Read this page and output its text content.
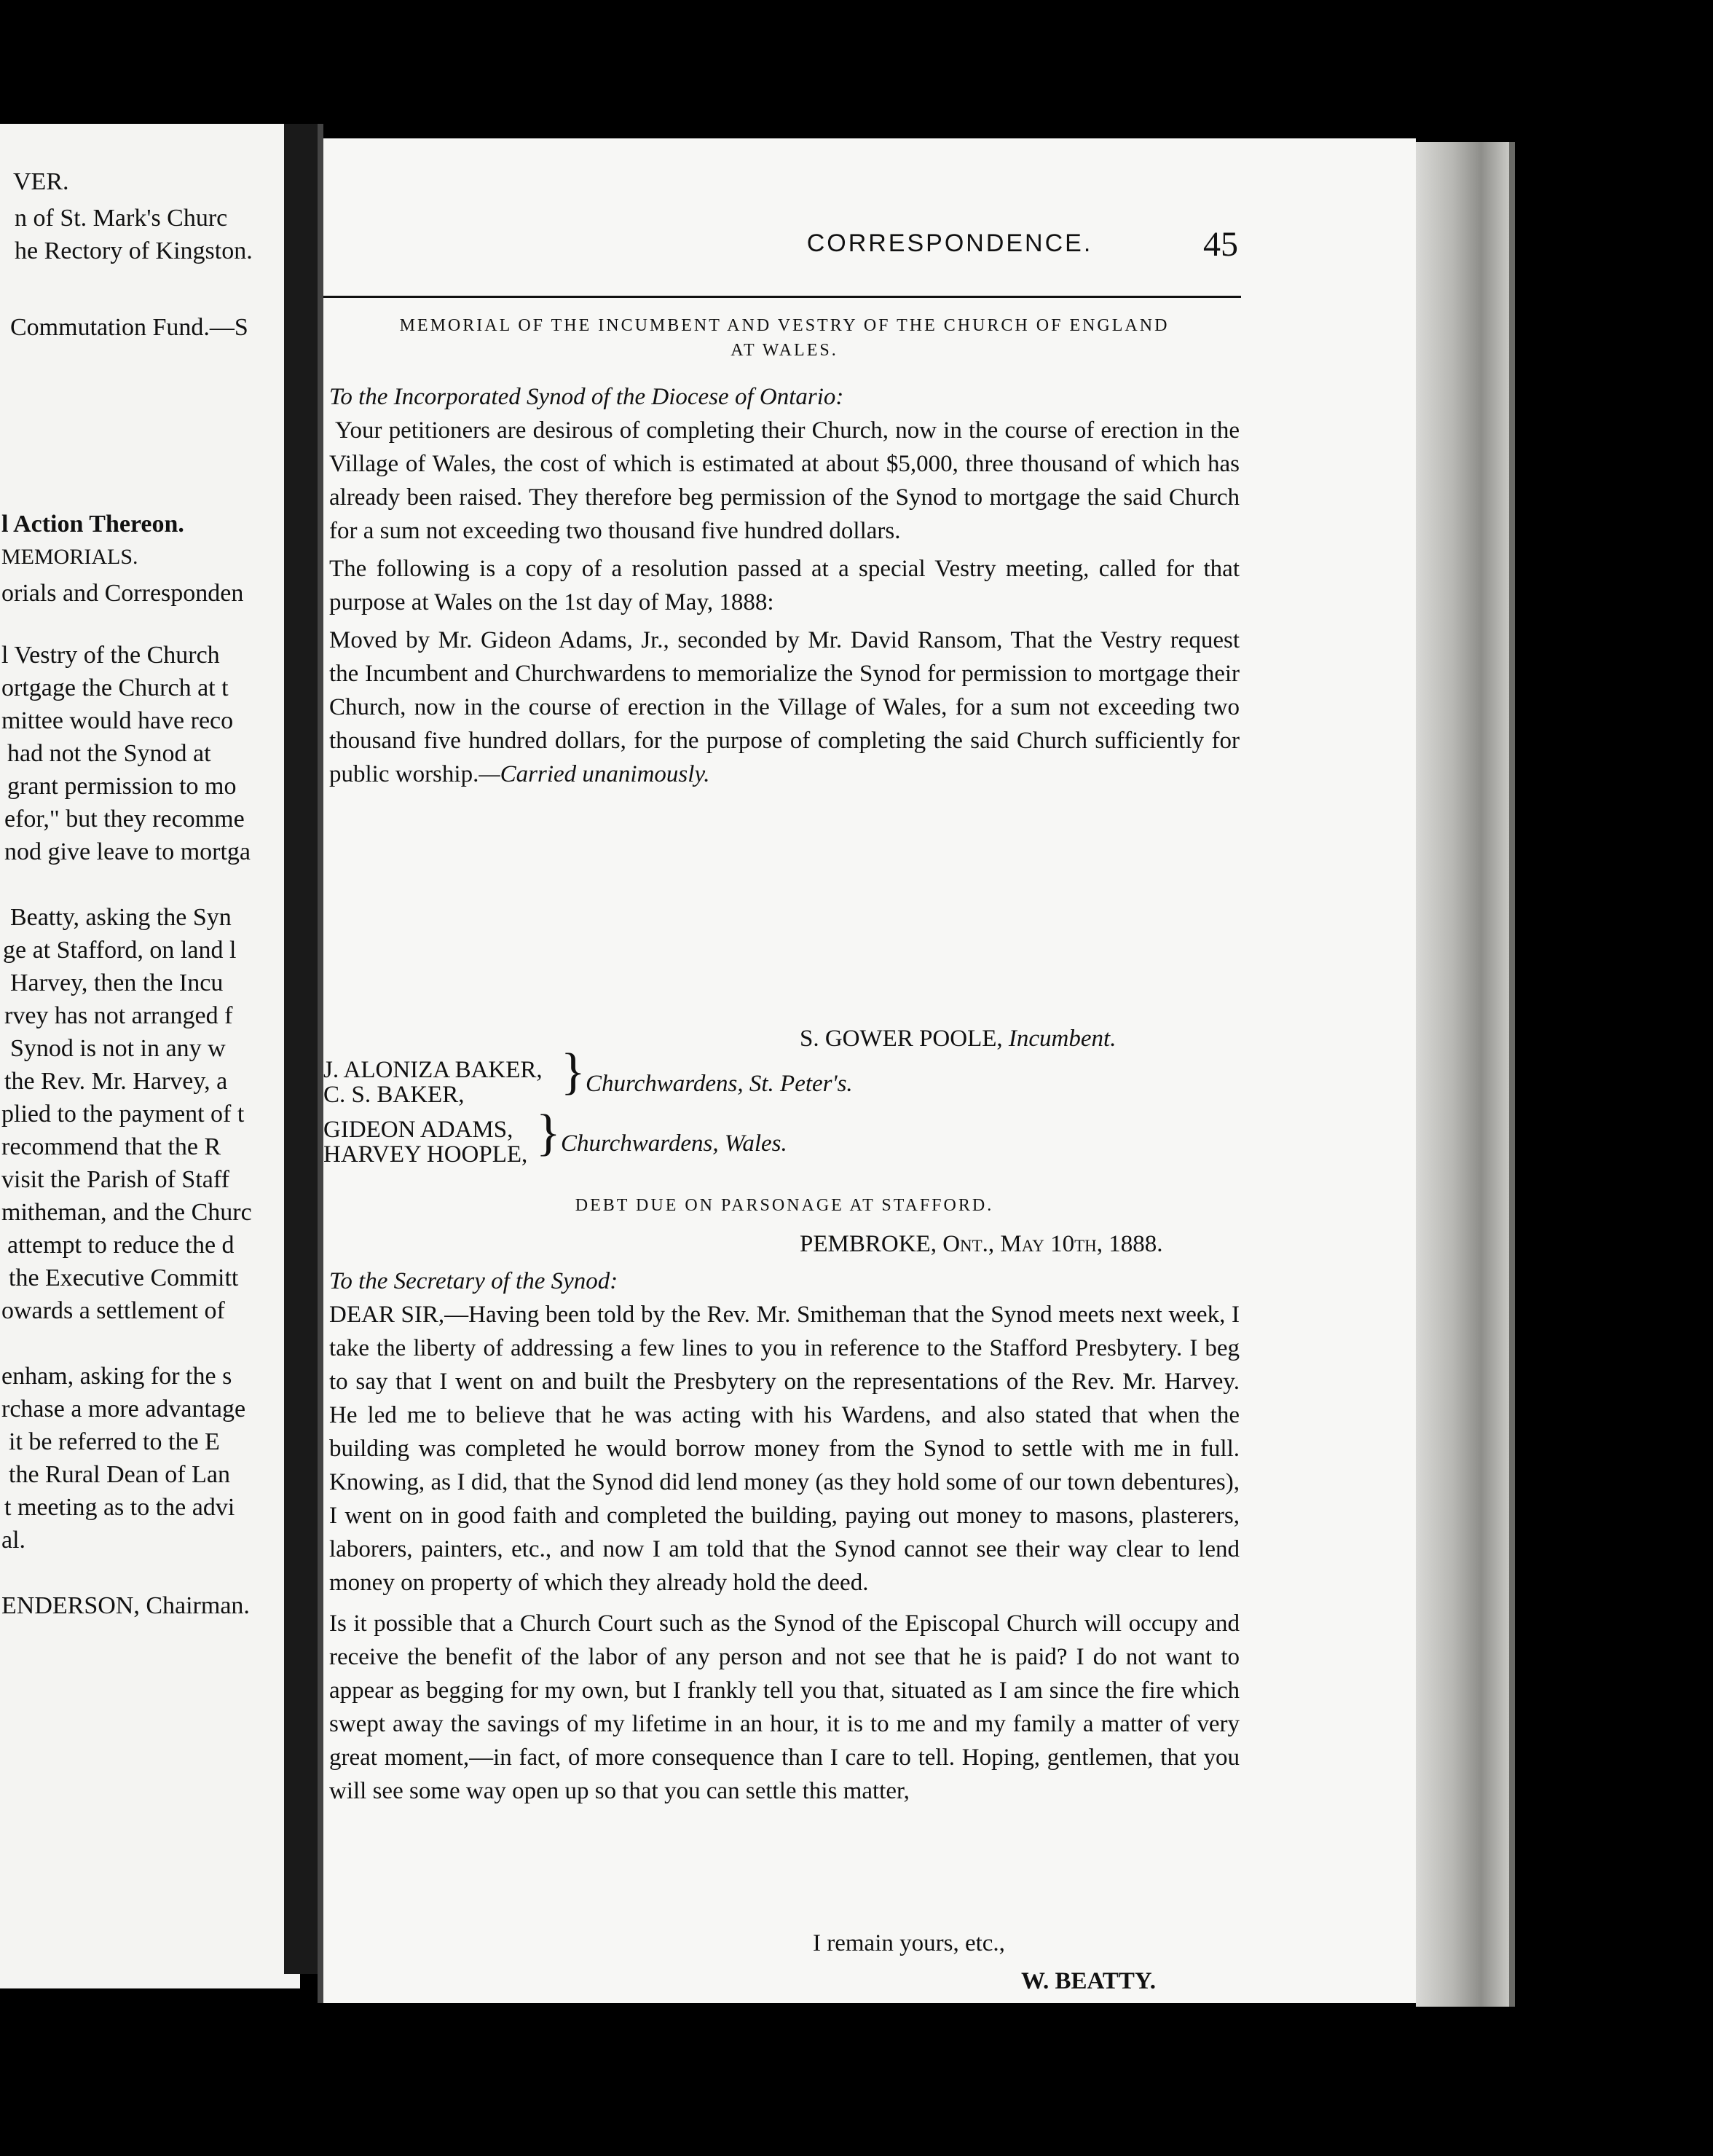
VER.
n of St. Mark's Churc
he Rectory of Kingston.
Commutation Fund.—S
l Action Thereon.
MEMORIALS.
orials and Corresponden
l Vestry of the Church
ortgage the Church at t
mittee would have reco
had not the Synod at
grant permission to mo
efor," but they recomme
nod give leave to mortga
Beatty, asking the Syn
ge at Stafford, on land l
Harvey, then the Incu
rvey has not arranged f
Synod is not in any w
the Rev. Mr. Harvey, a
plied to the payment of t
recommend that the R
visit the Parish of Staff
mitheman, and the Churc
attempt to reduce the d
the Executive Committ
owards a settlement of
enham, asking for the s
rchase a more advantage
it be referred to the E
the Rural Dean of Lan
t meeting as to the advi
al.
ENDERSON, Chairman.
CORRESPONDENCE.	45
MEMORIAL OF THE INCUMBENT AND VESTRY OF THE CHURCH OF ENGLAND
AT WALES.

To the Incorporated Synod of the Diocese of Ontario:

Your petitioners are desirous of completing their Church, now in the course of erection in the Village of Wales, the cost of which is estimated at about $5,000, three thousand of which has already been raised. They therefore beg permission of the Synod to mortgage the said Church for a sum not exceeding two thousand five hundred dollars.

The following is a copy of a resolution passed at a special Vestry meeting, called for that purpose at Wales on the 1st day of May, 1888:

Moved by Mr. Gideon Adams, Jr., seconded by Mr. David Ransom, That the Vestry request the Incumbent and Churchwardens to memorialize the Synod for permission to mortgage their Church, now in the course of erection in the Village of Wales, for a sum not exceeding two thousand five hundred dollars, for the purpose of completing the said Church sufficiently for public worship.—Carried unanimously.

S. GOWER POOLE, Incumbent.
J. ALONIZA BAKER,
C. S. BAKER,	} Churchwardens, St. Peter's.
GIDEON ADAMS,
HARVEY HOOPLE, } Churchwardens, Wales.
DEBT DUE ON PARSONAGE AT STAFFORD.
PEMBROKE, Ont., May 10th, 1888.

To the Secretary of the Synod:

DEAR SIR,—Having been told by the Rev. Mr. Smitheman that the Synod meets next week, I take the liberty of addressing a few lines to you in reference to the Stafford Presbytery. I beg to say that I went on and built the Presbytery on the representations of the Rev. Mr. Harvey. He led me to believe that he was acting with his Wardens, and also stated that when the building was completed he would borrow money from the Synod to settle with me in full. Knowing, as I did, that the Synod did lend money (as they hold some of our town debentures), I went on in good faith and completed the building, paying out money to masons, plasterers, laborers, painters, etc., and now I am told that the Synod cannot see their way clear to lend money on property of which they already hold the deed.

Is it possible that a Church Court such as the Synod of the Episcopal Church will occupy and receive the benefit of the labor of any person and not see that he is paid? I do not want to appear as begging for my own, but I frankly tell you that, situated as I am since the fire which swept away the savings of my lifetime in an hour, it is to me and my family a matter of very great moment,—in fact, of more consequence than I care to tell. Hoping, gentlemen, that you will see some way open up so that you can settle this matter,

I remain yours, etc.,
W. BEATTY.
